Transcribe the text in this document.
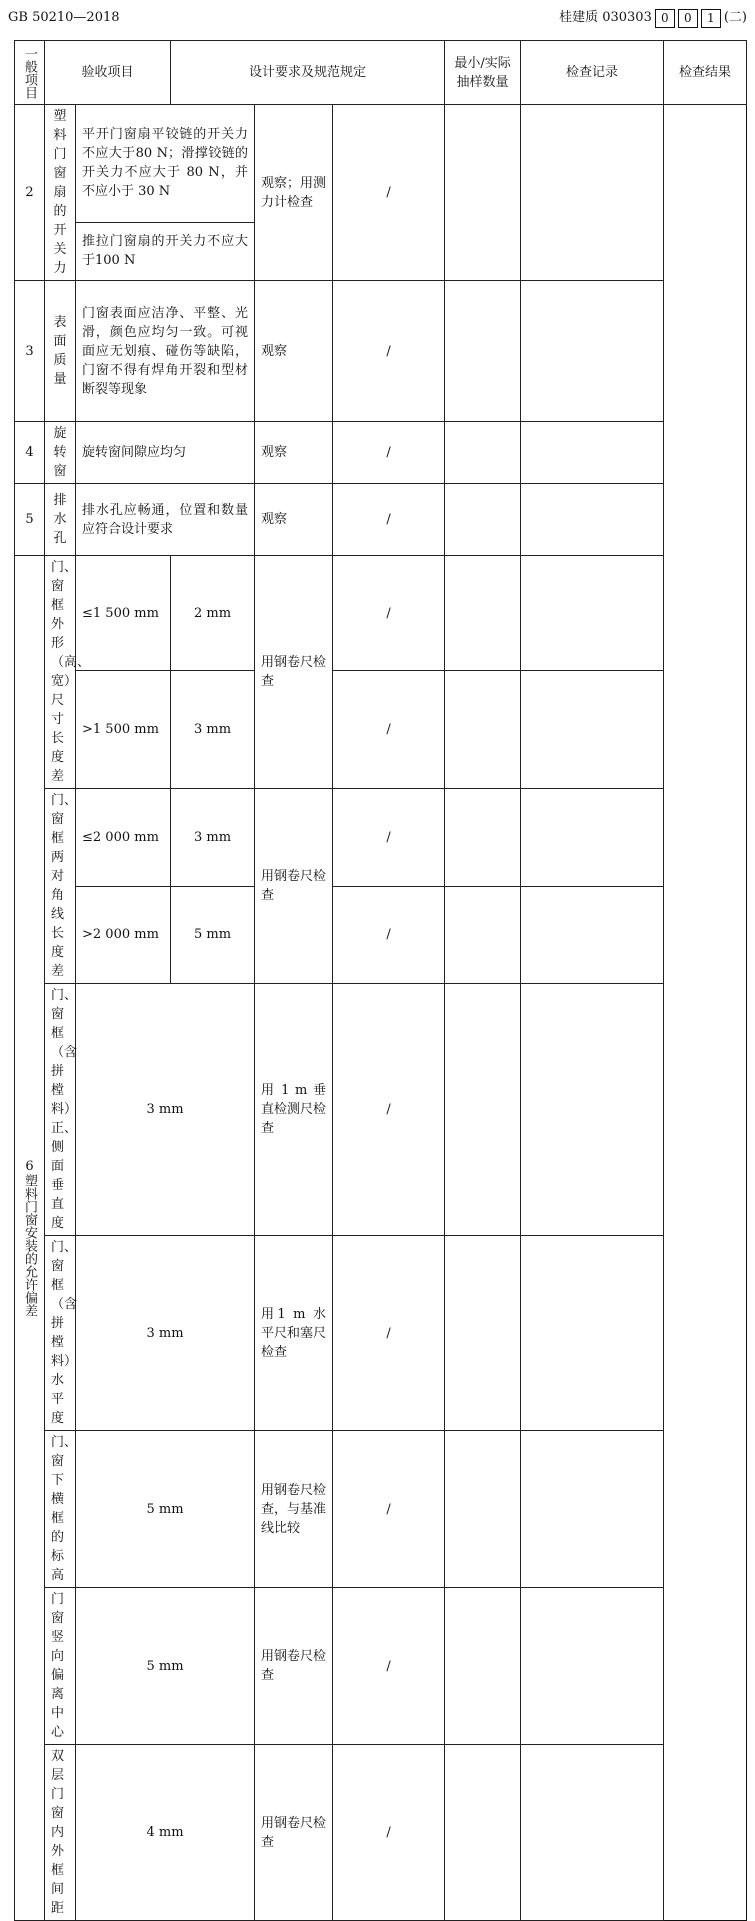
GB 50210—2018	桂建质 030303 0	0	1 (二)
一般项目	验收项目		设计要求及规范规定			最小/实际抽样数量	检查记录	检查结果
2	塑料门窗扇的开关力	平开门窗扇平铰链的开关力不应大于80 N；滑撑铰链的开关力不应大于 80 N，并不应小于 30 N		观察；用测力计检查	/			
		推拉门窗扇的开关力不应大于100 N						
3	表面质量	门窗表面应洁净、平整、光滑，颜色应均匀一致。可视面应无划痕、碰伤等缺陷，门窗不得有焊角开裂和型材断裂等现象		观察	/			
4	旋转窗	旋转窗间隙应均匀		观察	/			
5	排水孔	排水孔应畅通，位置和数量应符合设计要求		观察	/			
6塑料门窗安装的允许偏差	门、窗框外形（高、宽）尺寸长度差	≤1 500 mm	2 mm	用钢卷尺检查	/			
		>1 500 mm	3 mm		/			
	门、窗框两对角线长度差	≤2 000 mm	3 mm	用钢卷尺检查	/			
		>2 000 mm	5 mm		/			
	门、窗框（含拼樘料）正、侧面垂直度	3 mm		用 1 m 垂直检测尺检查	/			
	门、窗框（含拼樘料）水平度	3 mm		用1 m 水平尺和塞尺检查	/			
	门、窗下横框的标高	5 mm		用钢卷尺检查，与基准线比较	/			
	门窗竖向偏离中心	5 mm		用钢卷尺检查	/			
	双层门窗内外框间距	4 mm		用钢卷尺检查	/			
